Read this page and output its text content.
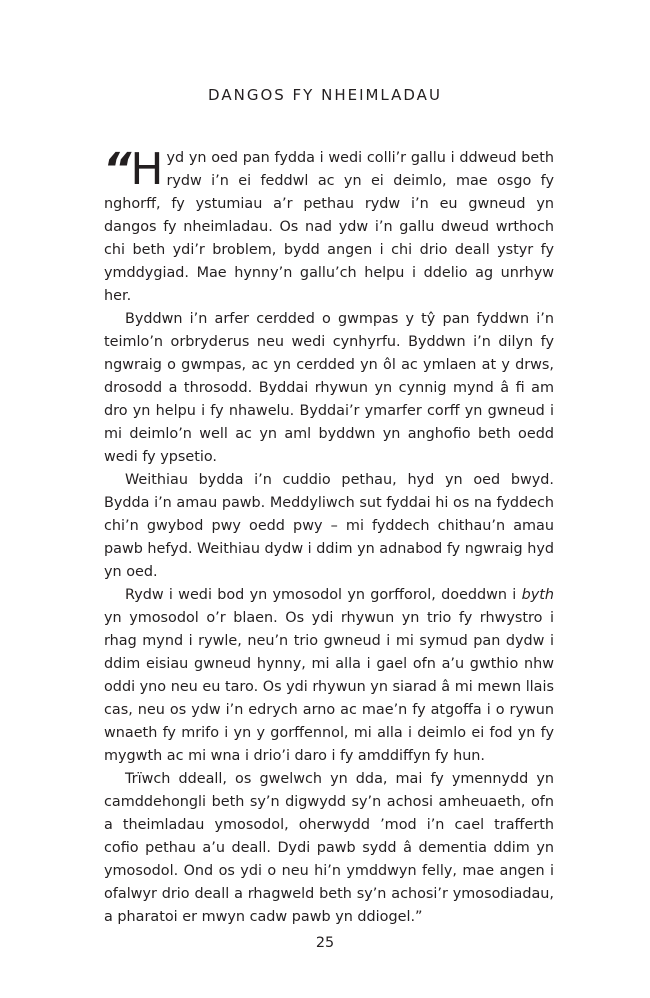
DANGOS FY NHEIMLADAU

“H yd yn oed pan fydda i wedi colli’r gallu i ddweud beth rydw i’n ei feddwl ac yn ei deimlo, mae osgo fy nghorff, fy ystumiau a’r pethau rydw i’n eu gwneud yn dangos fy nheimladau. Os nad ydw i’n gallu dweud wrthoch chi beth ydi’r broblem, bydd angen i chi drio deall ystyr fy ymddygiad. Mae hynny’n gallu’ch helpu i ddelio ag unrhyw her.

Byddwn i’n arfer cerdded o gwmpas y tŷ pan fyddwn i’n teimlo’n orbryderus neu wedi cynhyrfu. Byddwn i’n dilyn fy ngwraig o gwmpas, ac yn cerdded yn ôl ac ymlaen at y drws, drosodd a throsodd. Byddai rhywun yn cynnig mynd â fi am dro yn helpu i fy nhawelu. Byddai’r ymarfer corff yn gwneud i mi deimlo’n well ac yn aml byddwn yn anghofio beth oedd wedi fy ypsetio.

Weithiau bydda i’n cuddio pethau, hyd yn oed bwyd. Bydda i’n amau pawb. Meddyliwch sut fyddai hi os na fyddech chi’n gwybod pwy oedd pwy – mi fyddech chithau’n amau pawb hefyd. Weithiau dydw i ddim yn adnabod fy ngwraig hyd yn oed.

Rydw i wedi bod yn ymosodol yn gorfforol, doeddwn i byth yn ymosodol o’r blaen. Os ydi rhywun yn trio fy rhwystro i rhag mynd i rywle, neu’n trio gwneud i mi symud pan dydw i ddim eisiau gwneud hynny, mi alla i gael ofn a’u gwthio nhw oddi yno neu eu taro. Os ydi rhywun yn siarad â mi mewn llais cas, neu os ydw i’n edrych arno ac mae’n fy atgoffa i o rywun wnaeth fy mrifo i yn y gorffennol, mi alla i deimlo ei fod yn fy mygwth ac mi wna i drio’i daro i fy amddiffyn fy hun.

Trïwch ddeall, os gwelwch yn dda, mai fy ymennydd yn camddehongli beth sy’n digwydd sy’n achosi amheuaeth, ofn a theimladau ymosodol, oherwydd ’mod i’n cael trafferth cofio pethau a’u deall. Dydi pawb sydd â dementia ddim yn ymosodol. Ond os ydi o neu hi’n ymddwyn felly, mae angen i ofalwyr drio deall a rhagweld beth sy’n achosi’r ymosodiadau, a pharatoi er mwyn cadw pawb yn ddiogel.”

25
